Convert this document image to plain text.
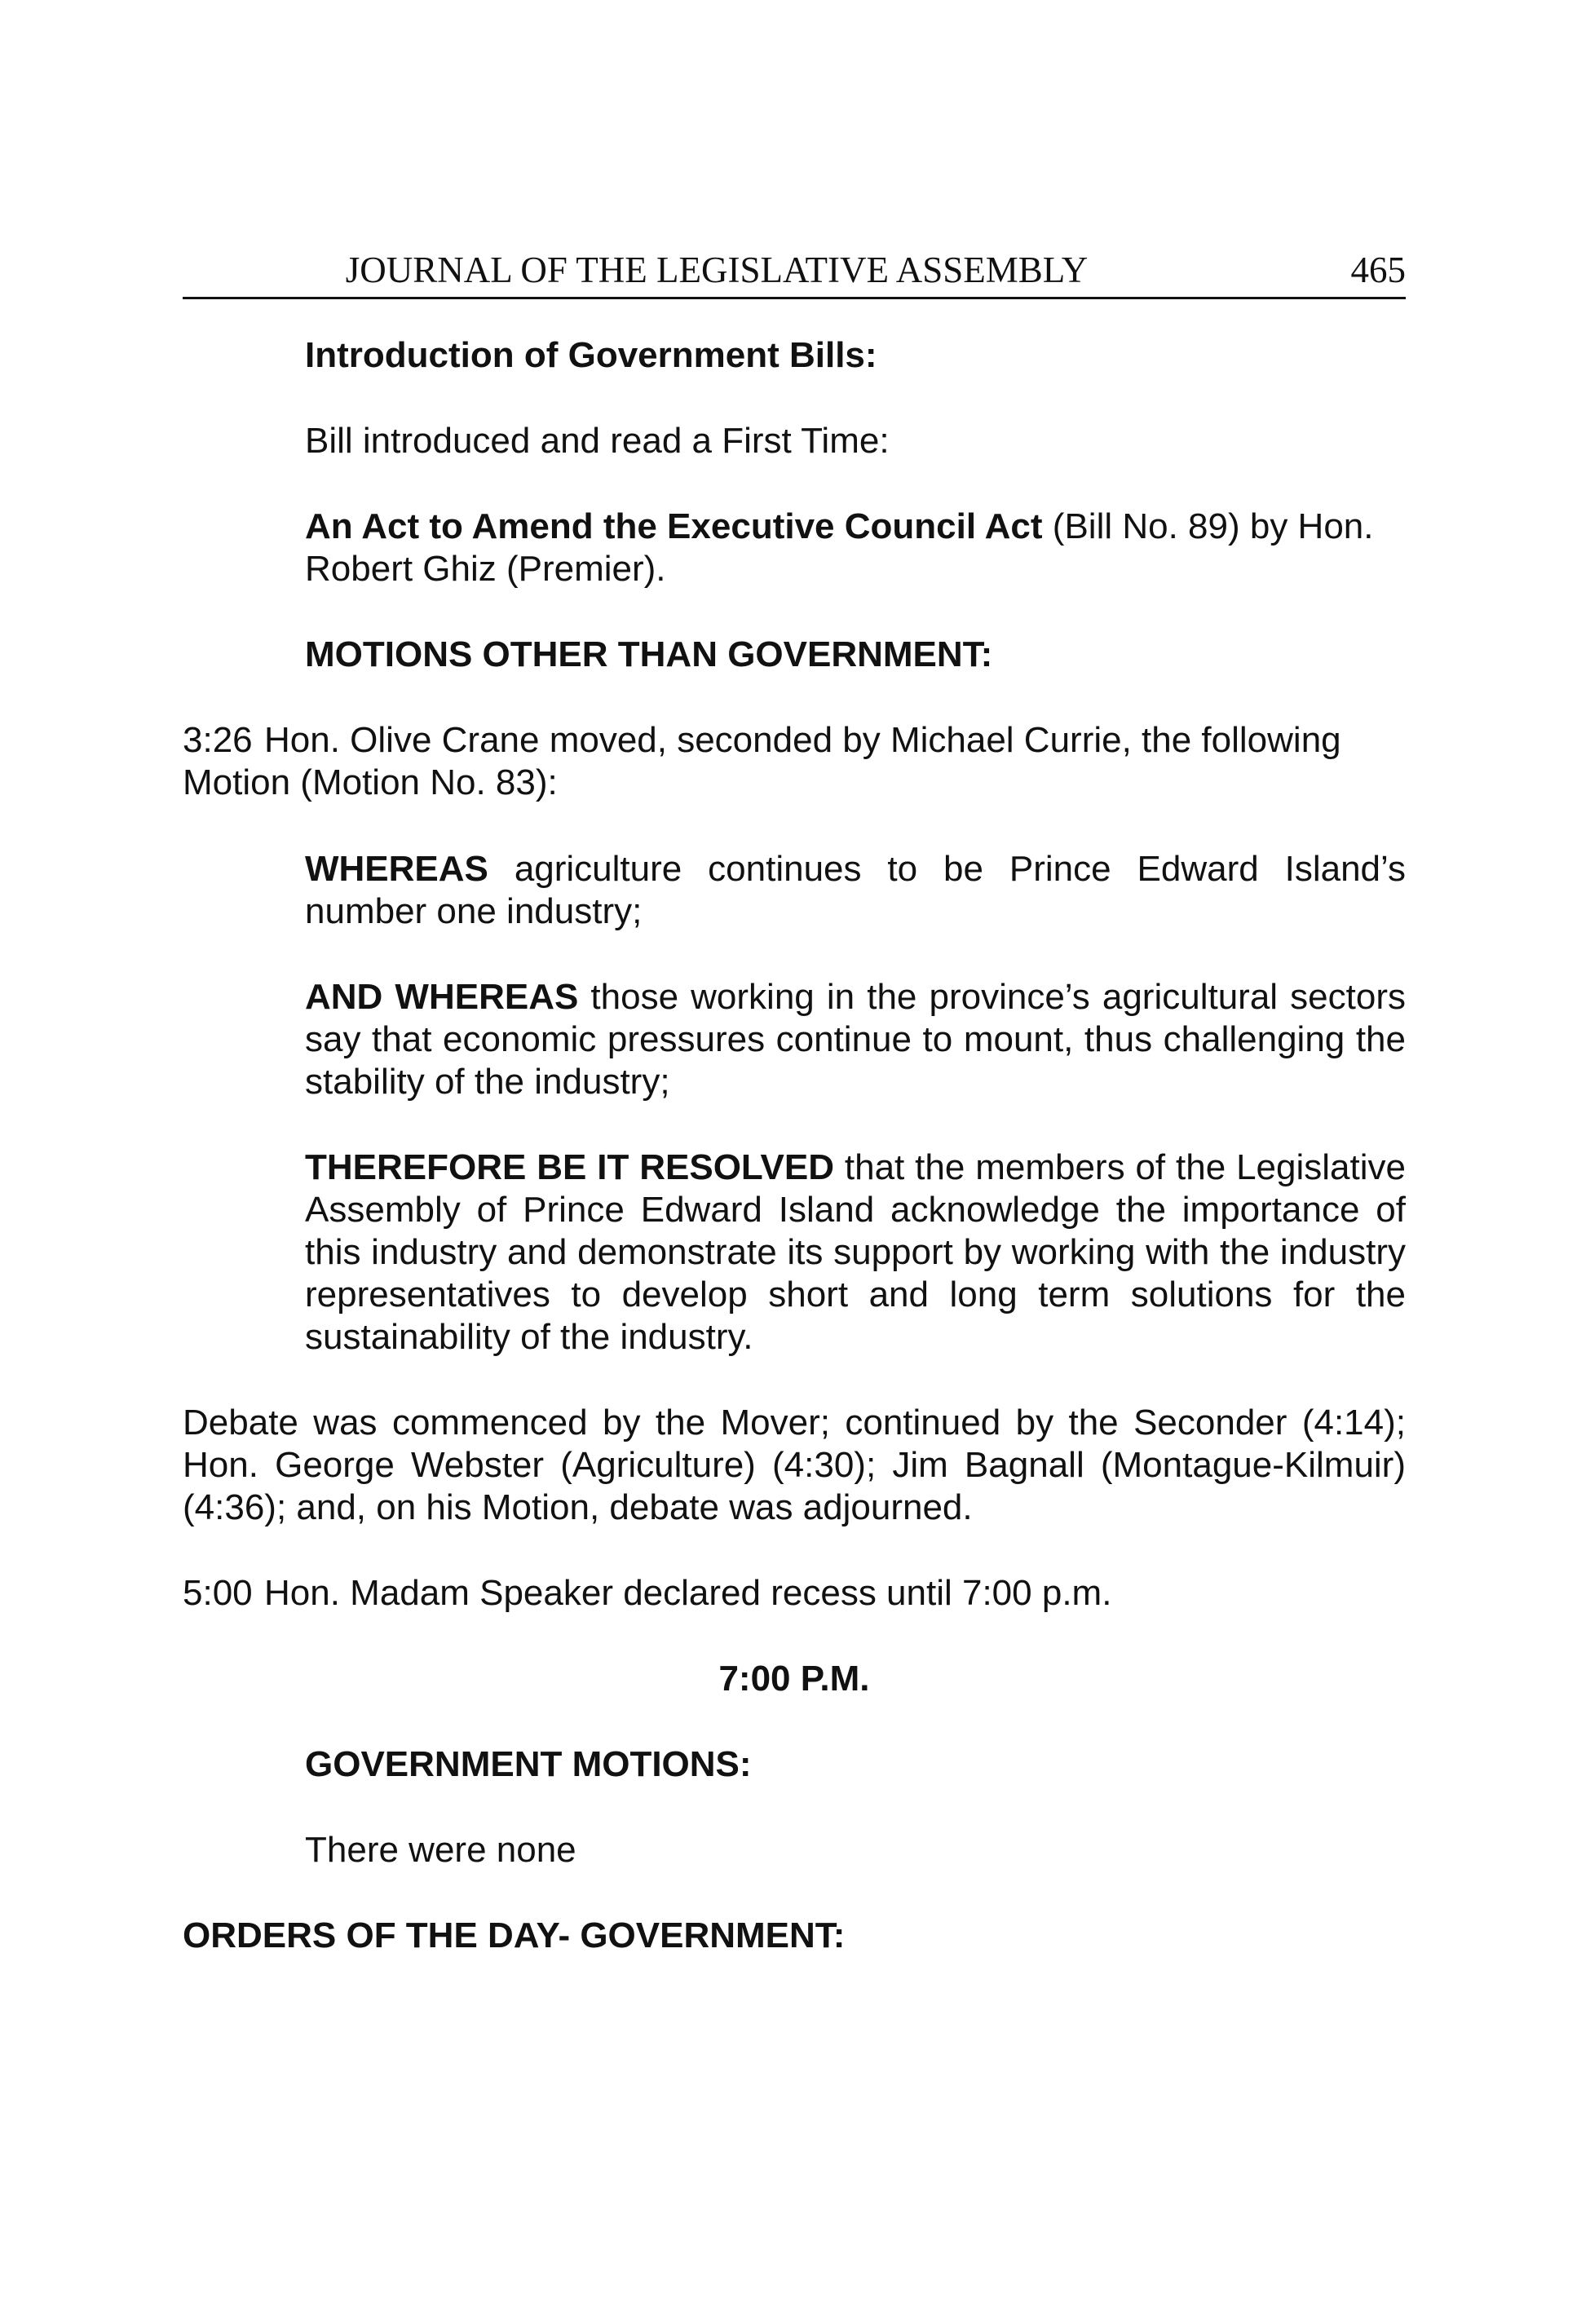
JOURNAL OF THE LEGISLATIVE ASSEMBLY	465

Introduction of Government Bills:

Bill introduced and read a First Time:

An Act to Amend the Executive Council Act (Bill No. 89) by Hon. Robert Ghiz (Premier).

MOTIONS OTHER THAN GOVERNMENT:

3:26 Hon. Olive Crane moved, seconded by Michael Currie, the following Motion (Motion No. 83):

WHEREAS agriculture continues to be Prince Edward Island’s number one industry;

AND WHEREAS those working in the province’s agricultural sectors say that economic pressures continue to mount, thus challenging the stability of the industry;

THEREFORE BE IT RESOLVED that the members of the Legislative Assembly of Prince Edward Island acknowledge the importance of this industry and demonstrate its support by working with the industry representatives to develop short and long term solutions for the sustainability of the industry.

Debate was commenced by the Mover; continued by the Seconder (4:14); Hon. George Webster (Agriculture) (4:30); Jim Bagnall (Montague-Kilmuir) (4:36); and, on his Motion, debate was adjourned.

5:00 Hon. Madam Speaker declared recess until 7:00 p.m.

7:00 P.M.

GOVERNMENT MOTIONS:

There were none

ORDERS OF THE DAY- GOVERNMENT:
